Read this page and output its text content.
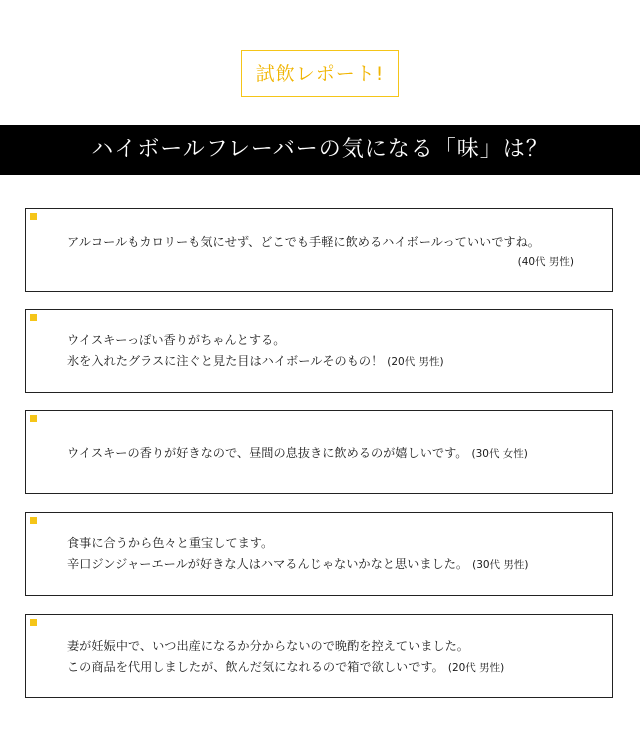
試飲レポート!
ハイボールフレーバーの気になる「味」は？
アルコールもカロリーも気にせず、どこでも手軽に飲めるハイボールっていいですね。
(40代 男性)
ウイスキーっぽい香りがちゃんとする。
氷を入れたグラスに注ぐと見た目はハイボールそのもの！ (20代 男性)
ウイスキーの香りが好きなので、昼間の息抜きに飲めるのが嬉しいです。 (30代 女性)
食事に合うから色々と重宝してます。
辛口ジンジャーエールが好きな人はハマるんじゃないかなと思いました。 (30代 男性)
妻が妊娠中で、いつ出産になるか分からないので晩酌を控えていました。
この商品を代用しましたが、飲んだ気になれるので箱で欲しいです。 (20代 男性)
